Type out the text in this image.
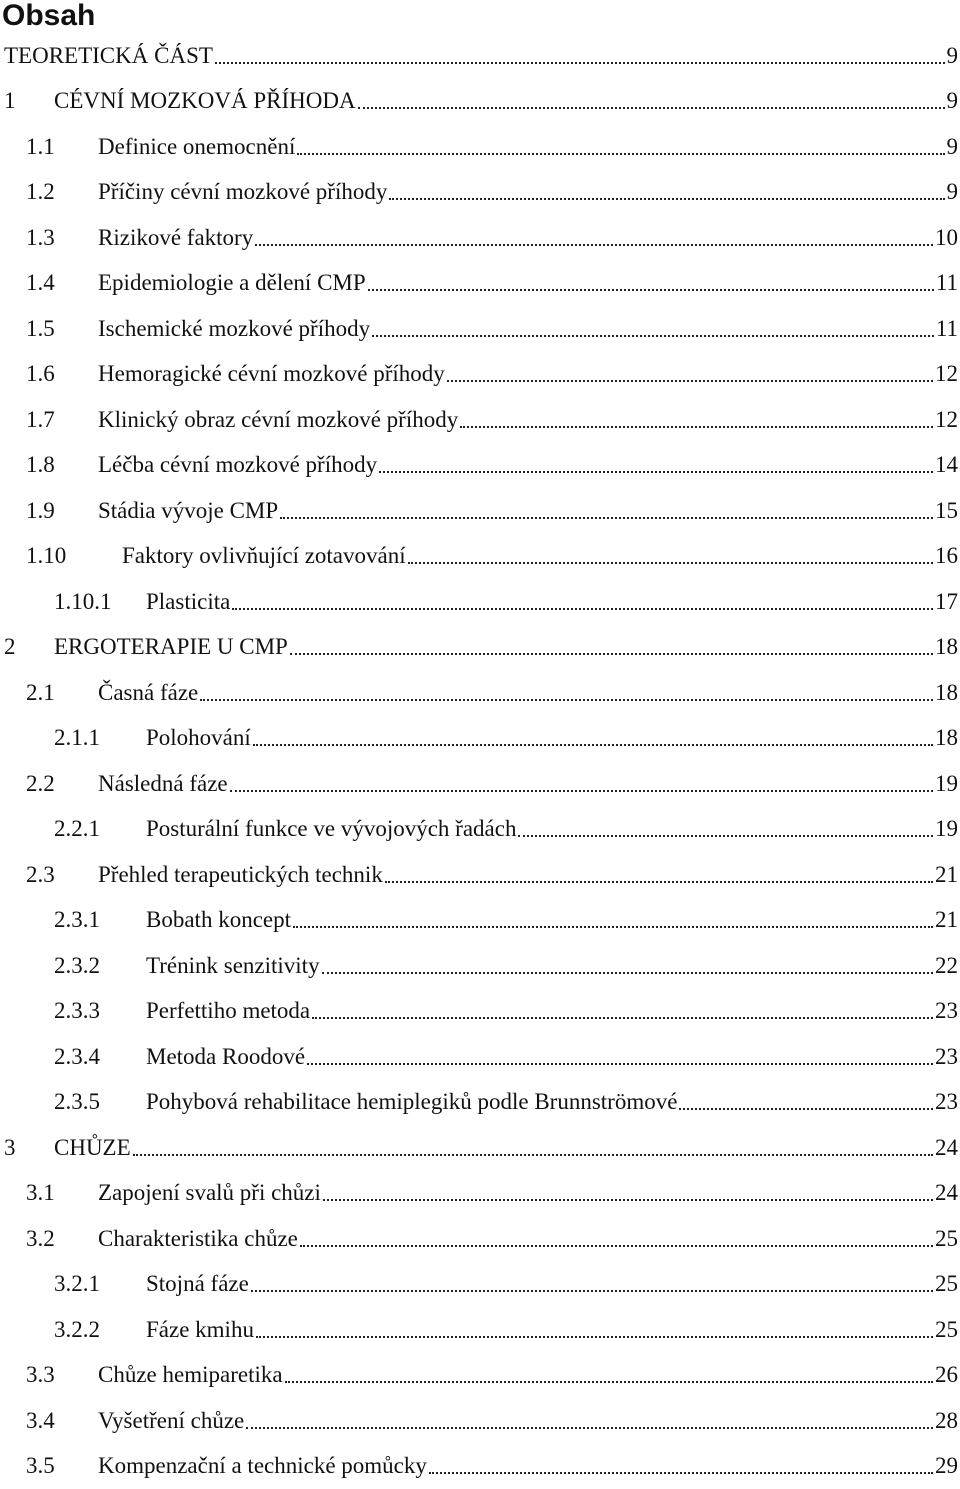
Obsah
TEORETICKÁ ČÁST	9
1 CÉVNÍ MOZKOVÁ PŘÍHODA	9
1.1 Definice onemocnění	9
1.2 Příčiny cévní mozkové příhody	9
1.3 Rizikové faktory	10
1.4 Epidemiologie a dělení CMP	11
1.5 Ischemické mozkové příhody	11
1.6 Hemoragické cévní mozkové příhody	12
1.7 Klinický obraz cévní mozkové příhody	12
1.8 Léčba cévní mozkové příhody	14
1.9 Stádia vývoje CMP	15
1.10 Faktory ovlivňující zotavování	16
1.10.1 Plasticita	17
2 ERGOTERAPIE U CMP	18
2.1 Časná fáze	18
2.1.1 Polohování	18
2.2 Následná fáze	19
2.2.1 Posturální funkce ve vývojových řadách	19
2.3 Přehled terapeutických technik	21
2.3.1 Bobath koncept	21
2.3.2 Trénink senzitivity	22
2.3.3 Perfettiho metoda	23
2.3.4 Metoda Roodové	23
2.3.5 Pohybová rehabilitace hemiplegiků podle Brunnströmové	23
3 CHŮZE	24
3.1 Zapojení svalů při chůzi	24
3.2 Charakteristika chůze	25
3.2.1 Stojná fáze	25
3.2.2 Fáze kmihu	25
3.3 Chůze hemiparetika	26
3.4 Vyšetření chůze	28
3.5 Kompenzační a technické pomůcky	29
